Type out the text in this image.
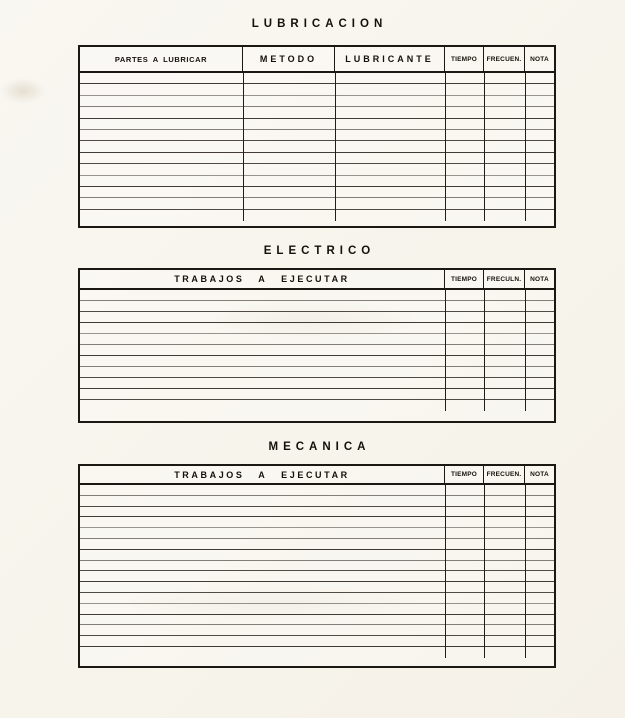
LUBRICACION
PARTES A LUBRICAR	METODO	LUBRICANTE	TIEMPO	FRECUEN.	NOTA
ELECTRICO
TRABAJOS A EJECUTAR	TIEMPO	FRECULN.	NOTA
MECANICA
TRABAJOS A EJECUTAR	TIEMPO	FRECUEN.	NOTA
